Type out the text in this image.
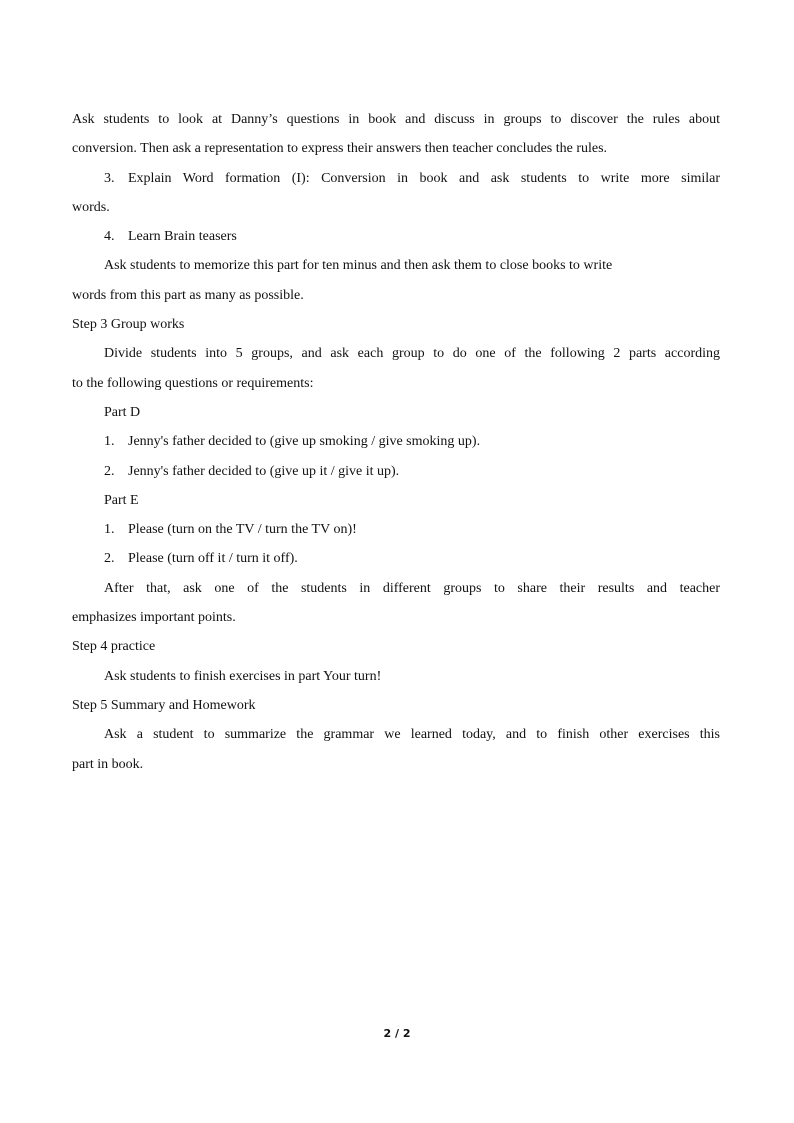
Ask students to look at Danny’s questions in book and discuss in groups to discover the rules about
conversion. Then ask a representation to express their answers then teacher concludes the rules.
3. Explain Word formation (I): Conversion in book and ask students to write more similar
words.
4. Learn Brain teasers
Ask students to memorize this part for ten minus and then ask them to close books to write
words from this part as many as possible.
Step 3 Group works
Divide students into 5 groups, and ask each group to do one of the following 2 parts according
to the following questions or requirements:
Part D
1. Jenny's father decided to (give up smoking / give smoking up).
2. Jenny's father decided to (give up it / give it up).
Part E
1. Please (turn on the TV / turn the TV on)!
2. Please (turn off it / turn it off).
After that, ask one of the students in different groups to share their results and teacher
emphasizes important points.
Step 4 practice
Ask students to finish exercises in part Your turn!
Step 5 Summary and Homework
Ask a student to summarize the grammar we learned today, and to finish other exercises this
part in book.
2 / 2
